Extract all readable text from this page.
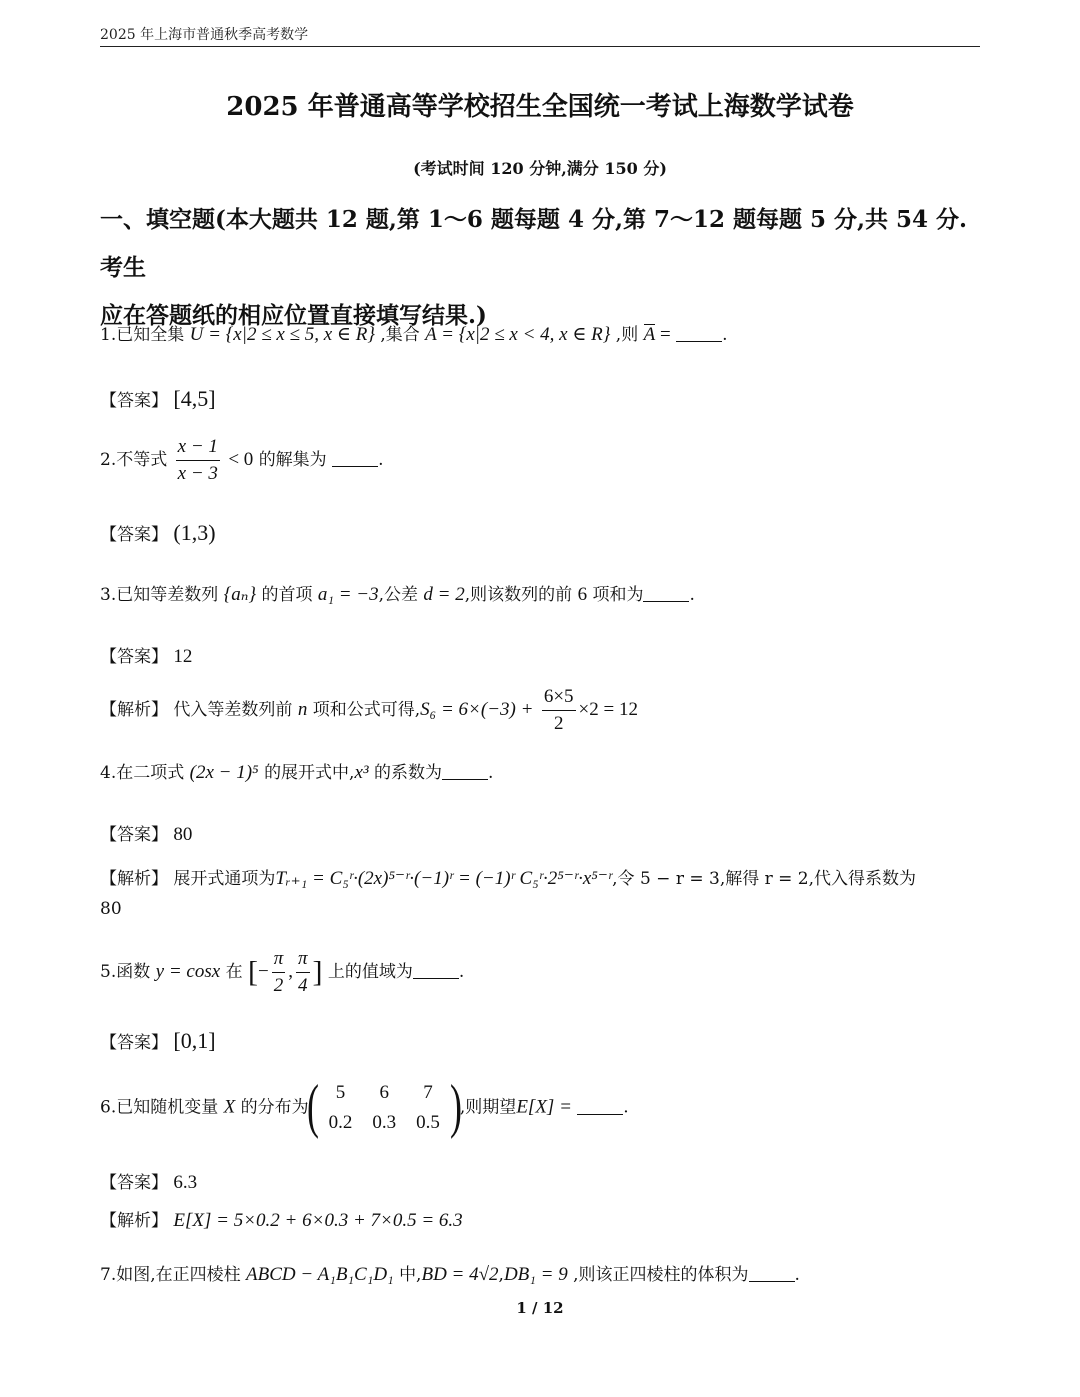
2025 年上海市普通秋季高考数学
2025 年普通高等学校招生全国统一考试上海数学试卷
(考试时间 120 分钟,满分 150 分)
一、填空题(本大题共 12 题,第 1～6 题每题 4 分,第 7～12 题每题 5 分,共 54 分.考生
应在答题纸的相应位置直接填写结果.)
1.已知全集 U = {x|2 ≤ x ≤ 5, x ∈ R} ,集合 A = {x|2 ≤ x < 4, x ∈ R} ,则 A =	.
【答案】 [4,5]
2.不等式 $\frac{x - 1}{x - 3} < 0$ 的解集为	.
【答案】 (1,3)
3.已知等差数列 {aₙ} 的首项 a₁ = −3,公差 d = 2,则该数列的前 6 项和为	.
【答案】 12
【解析】 代入等差数列前 n 项和公式可得$,S_6 = 6\times(-3) + \frac{6\times 5}{2} \times 2 = 12$
4.在二项式 (2x − 1)⁵ 的展开式中,x³ 的系数为	.
【答案】 80
【解析】 展开式通项为Tᵣ₊₁ = C₅ʳ·(2x)⁵⁻ʳ·(−1)ʳ = (−1)ʳ C₅ʳ·2⁵⁻ʳ·x⁵⁻ʳ,令 5 − r = 3,解得 r = 2,代入得系数为
80
5.函数 y = cosx 在 [− $\frac{\pi}{2}$ , $\frac{\pi}{4}$ ] 上的值域为	.
【答案】 [0,1]
6.已知随机变量 X 的分布为
( 5	6	7
0.2	0.3	0.5 )
,则期望E[X] =	.
【答案】 6.3
【解析】 E[X] = 5×0.2 + 6×0.3 + 7×0.5 = 6.3
7.如图,在正四棱柱 ABCD − A₁B₁C₁D₁ 中,BD = 4√2,DB₁ = 9 ,则该正四棱柱的体积为	.
1 / 12
